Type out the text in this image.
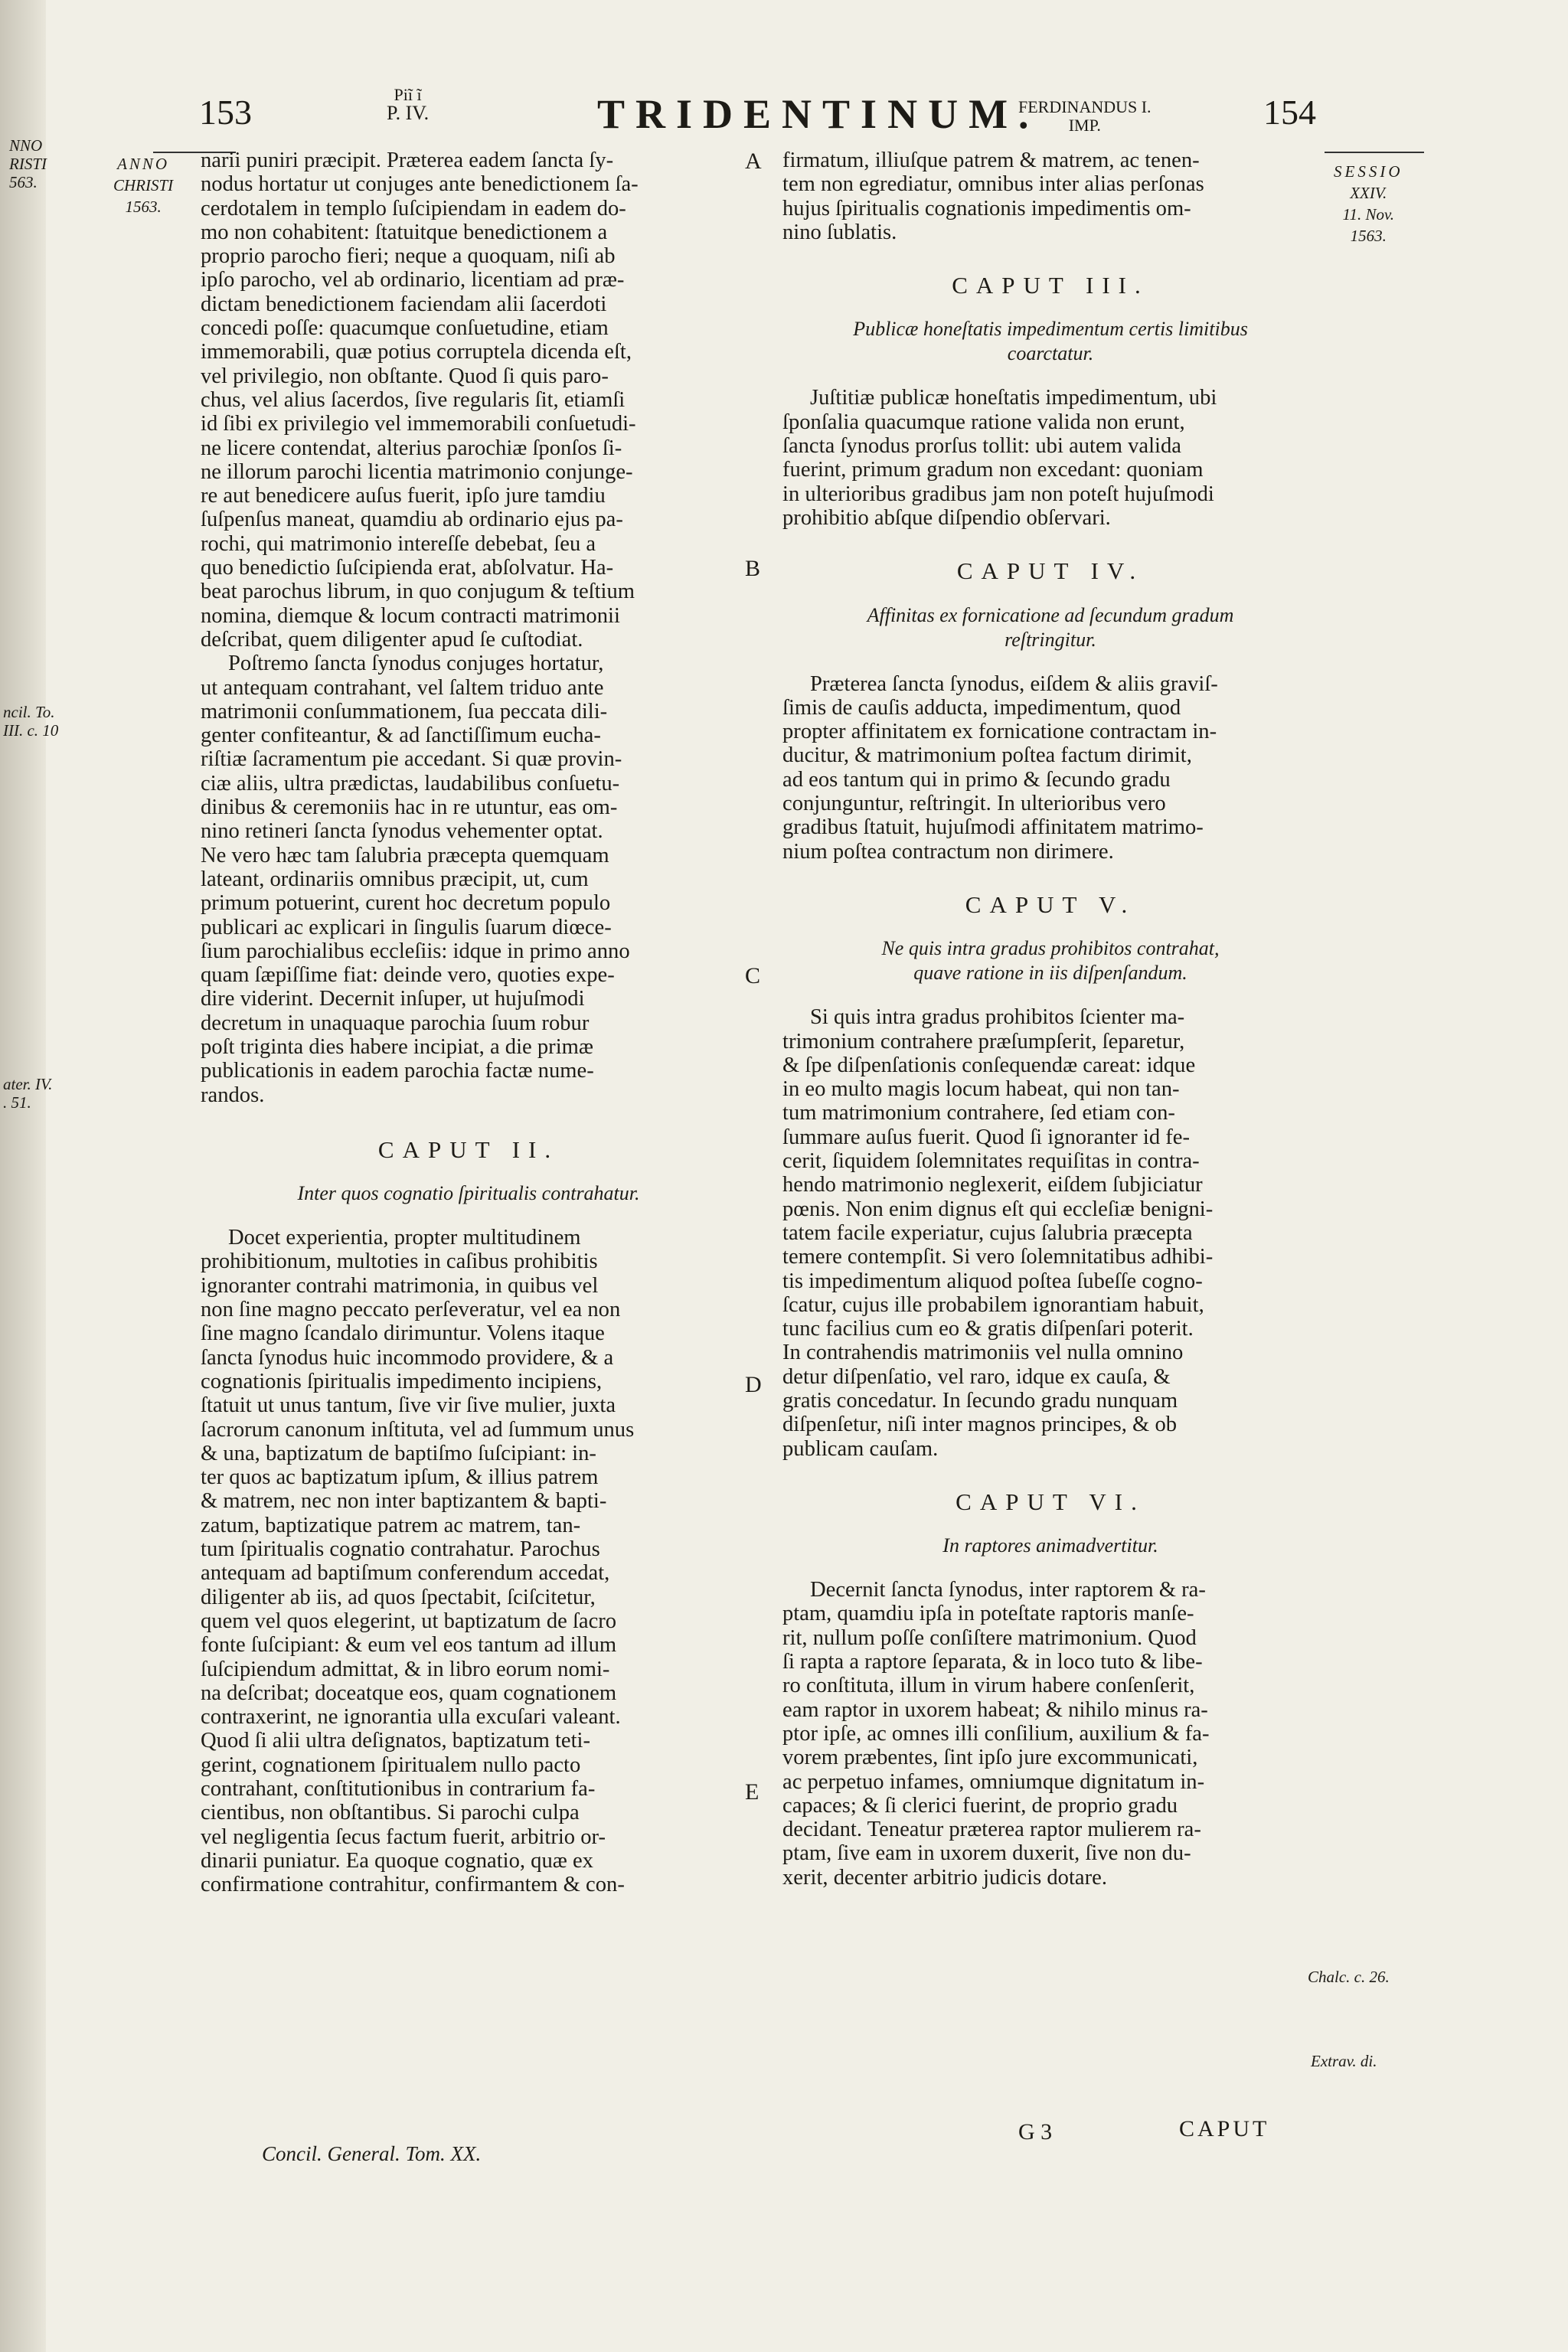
153	Piĩ ĩ
P. IV.	TRIDENTINUM.
FERDINANDUS I.
IMP.	154
ANNO
CHRISTI
1563.
NNO
RISTI
563.
ncil. To.
III. c. 10
ater. IV.
. 51.
SESSIO
XXIV.
11. Nov.
1563.
Chalc. c. 26.
Extrav. di.
A
B
C
D
E

narii puniri præcipit. Præterea eadem ſancta ſy-
nodus hortatur ut conjuges ante benedictionem ſa-
cerdotalem in templo ſuſcipiendam in eadem do-
mo non cohabitent: ſtatuitque benedictionem a
proprio parocho fieri; neque a quoquam, niſi ab
ipſo parocho, vel ab ordinario, licentiam ad præ-
dictam benedictionem faciendam alii ſacerdoti
concedi poſſe: quacumque conſuetudine, etiam
immemorabili, quæ potius corruptela dicenda eſt,
vel privilegio, non obſtante. Quod ſi quis paro-
chus, vel alius ſacerdos, ſive regularis ſit, etiamſi
id ſibi ex privilegio vel immemorabili conſuetudi-
ne licere contendat, alterius parochiæ ſponſos ſi-
ne illorum parochi licentia matrimonio conjunge-
re aut benedicere auſus fuerit, ipſo jure tamdiu
ſuſpenſus maneat, quamdiu ab ordinario ejus pa-
rochi, qui matrimonio intereſſe debebat, ſeu a
quo benedictio ſuſcipienda erat, abſolvatur. Ha-
beat parochus librum, in quo conjugum & teſtium
nomina, diemque & locum contracti matrimonii
deſcribat, quem diligenter apud ſe cuſtodiat.

Poſtremo ſancta ſynodus conjuges hortatur,
ut antequam contrahant, vel ſaltem triduo ante
matrimonii conſummationem, ſua peccata dili-
genter confiteantur, & ad ſanctiſſimum eucha-
riſtiæ ſacramentum pie accedant. Si quæ provin-
ciæ aliis, ultra prædictas, laudabilibus conſuetu-
dinibus & ceremoniis hac in re utuntur, eas om-
nino retineri ſancta ſynodus vehementer optat.
Ne vero hæc tam ſalubria præcepta quemquam
lateant, ordinariis omnibus præcipit, ut, cum
primum potuerint, curent hoc decretum populo
publicari ac explicari in ſingulis ſuarum diœce-
ſium parochialibus eccleſiis: idque in primo anno
quam ſæpiſſime fiat: deinde vero, quoties expe-
dire viderint. Decernit inſuper, ut hujuſmodi
decretum in unaquaque parochia ſuum robur
poſt triginta dies habere incipiat, a die primæ
publicationis in eadem parochia factæ nume-
randos.

CAPUT II.
Inter quos cognatio ſpiritualis contrahatur.

Docet experientia, propter multitudinem
prohibitionum, multoties in caſibus prohibitis
ignoranter contrahi matrimonia, in quibus vel
non ſine magno peccato perſeveratur, vel ea non
ſine magno ſcandalo dirimuntur. Volens itaque
ſancta ſynodus huic incommodo providere, & a
cognationis ſpiritualis impedimento incipiens,
ſtatuit ut unus tantum, ſive vir ſive mulier, juxta
ſacrorum canonum inſtituta, vel ad ſummum unus
& una, baptizatum de baptiſmo ſuſcipiant: in-
ter quos ac baptizatum ipſum, & illius patrem
& matrem, nec non inter baptizantem & bapti-
zatum, baptizatique patrem ac matrem, tan-
tum ſpiritualis cognatio contrahatur. Parochus
antequam ad baptiſmum conferendum accedat,
diligenter ab iis, ad quos ſpectabit, ſciſcitetur,
quem vel quos elegerint, ut baptizatum de ſacro
fonte ſuſcipiant: & eum vel eos tantum ad illum
ſuſcipiendum admittat, & in libro eorum nomi-
na deſcribat; doceatque eos, quam cognationem
contraxerint, ne ignorantia ulla excuſari valeant.
Quod ſi alii ultra deſignatos, baptizatum teti-
gerint, cognationem ſpiritualem nullo pacto
contrahant, conſtitutionibus in contrarium fa-
cientibus, non obſtantibus. Si parochi culpa
vel negligentia ſecus factum fuerit, arbitrio or-
dinarii puniatur. Ea quoque cognatio, quæ ex
confirmatione contrahitur, confirmantem & con-

firmatum, illiuſque patrem & matrem, ac tenen-
tem non egrediatur, omnibus inter alias perſonas
hujus ſpiritualis cognationis impedimentis om-
nino ſublatis.

CAPUT III.
Publicæ honeſtatis impedimentum certis limitibus
coarctatur.

Juſtitiæ publicæ honeſtatis impedimentum, ubi
ſponſalia quacumque ratione valida non erunt,
ſancta ſynodus prorſus tollit: ubi autem valida
fuerint, primum gradum non excedant: quoniam
in ulterioribus gradibus jam non poteſt hujuſmodi
prohibitio abſque diſpendio obſervari.

CAPUT IV.
Affinitas ex fornicatione ad ſecundum gradum
reſtringitur.

Præterea ſancta ſynodus, eiſdem & aliis graviſ-
ſimis de cauſis adducta, impedimentum, quod
propter affinitatem ex fornicatione contractam in-
ducitur, & matrimonium poſtea factum dirimit,
ad eos tantum qui in primo & ſecundo gradu
conjunguntur, reſtringit. In ulterioribus vero
gradibus ſtatuit, hujuſmodi affinitatem matrimo-
nium poſtea contractum non dirimere.

CAPUT V.
Ne quis intra gradus prohibitos contrahat,
quave ratione in iis diſpenſandum.

Si quis intra gradus prohibitos ſcienter ma-
trimonium contrahere præſumpſerit, ſeparetur,
& ſpe diſpenſationis conſequendæ careat: idque
in eo multo magis locum habeat, qui non tan-
tum matrimonium contrahere, ſed etiam con-
ſummare auſus fuerit. Quod ſi ignoranter id fe-
cerit, ſiquidem ſolemnitates requiſitas in contra-
hendo matrimonio neglexerit, eiſdem ſubjiciatur
pœnis. Non enim dignus eſt qui eccleſiæ benigni-
tatem facile experiatur, cujus ſalubria præcepta
temere contempſit. Si vero ſolemnitatibus adhibi-
tis impedimentum aliquod poſtea ſubeſſe cogno-
ſcatur, cujus ille probabilem ignorantiam habuit,
tunc facilius cum eo & gratis diſpenſari poterit.
In contrahendis matrimoniis vel nulla omnino
detur diſpenſatio, vel raro, idque ex cauſa, &
gratis concedatur. In ſecundo gradu nunquam
diſpenſetur, niſi inter magnos principes, & ob
publicam cauſam.

CAPUT VI.
In raptores animadvertitur.

Decernit ſancta ſynodus, inter raptorem & ra-
ptam, quamdiu ipſa in poteſtate raptoris manſe-
rit, nullum poſſe conſiſtere matrimonium. Quod
ſi rapta a raptore ſeparata, & in loco tuto & libe-
ro conſtituta, illum in virum habere conſenſerit,
eam raptor in uxorem habeat; & nihilo minus ra-
ptor ipſe, ac omnes illi conſilium, auxilium & fa-
vorem præbentes, ſint ipſo jure excommunicati,
ac perpetuo infames, omniumque dignitatum in-
capaces; & ſi clerici fuerint, de proprio gradu
decidant. Teneatur præterea raptor mulierem ra-
ptam, ſive eam in uxorem duxerit, ſive non du-
xerit, decenter arbitrio judicis dotare.

Concil. General. Tom. XX.
G 3	CAPUT
